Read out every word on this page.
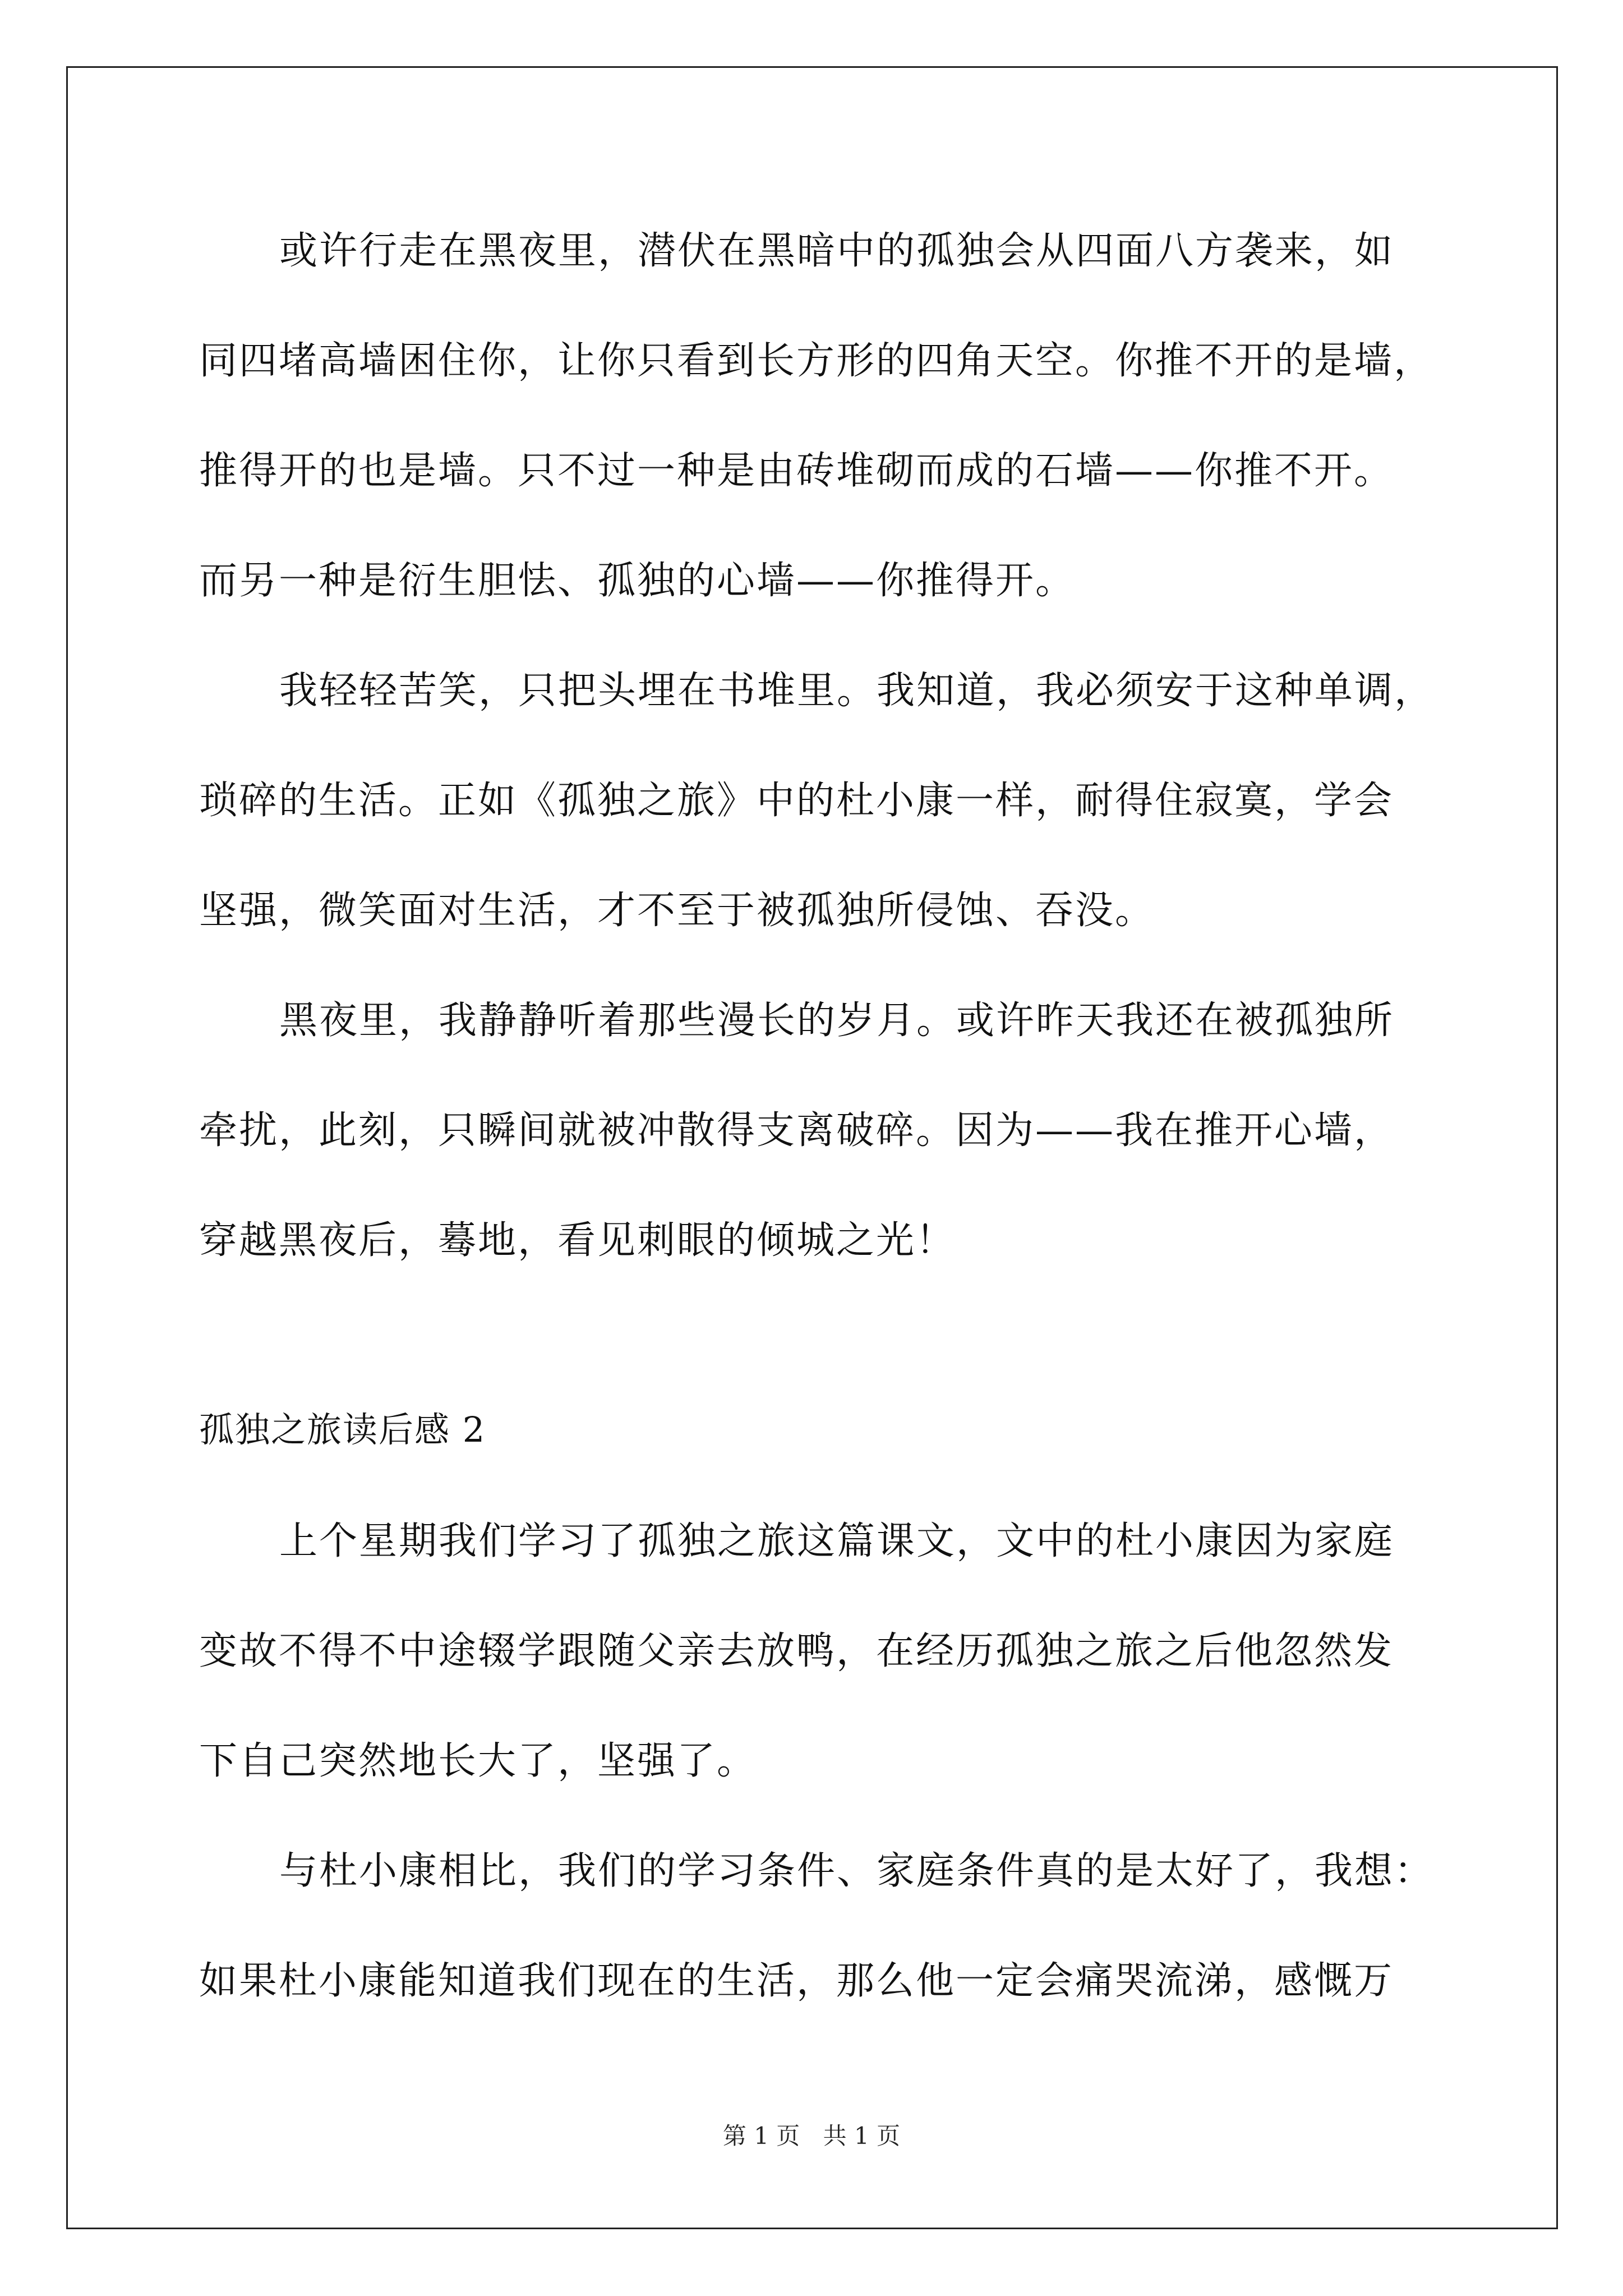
或许行走在黑夜里，潜伏在黑暗中的孤独会从四面八方袭来，如
同四堵高墙困住你，让你只看到长方形的四角天空。你推不开的是墙，
推得开的也是墙。只不过一种是由砖堆砌而成的石墙——你推不开。
而另一种是衍生胆怯、孤独的心墙——你推得开。
我轻轻苦笑，只把头埋在书堆里。我知道，我必须安于这种单调，
琐碎的生活。正如《孤独之旅》中的杜小康一样，耐得住寂寞，学会
坚强，微笑面对生活，才不至于被孤独所侵蚀、吞没。
黑夜里，我静静听着那些漫长的岁月。或许昨天我还在被孤独所
牵扰，此刻，只瞬间就被冲散得支离破碎。因为——我在推开心墙，
穿越黑夜后，蓦地，看见刺眼的倾城之光！
孤独之旅读后感 2
上个星期我们学习了孤独之旅这篇课文，文中的杜小康因为家庭
变故不得不中途辍学跟随父亲去放鸭，在经历孤独之旅之后他忽然发
下自己突然地长大了，坚强了。
与杜小康相比，我们的学习条件、家庭条件真的是太好了，我想：
如果杜小康能知道我们现在的生活，那么他一定会痛哭流涕，感慨万
第 1 页 共 1 页
